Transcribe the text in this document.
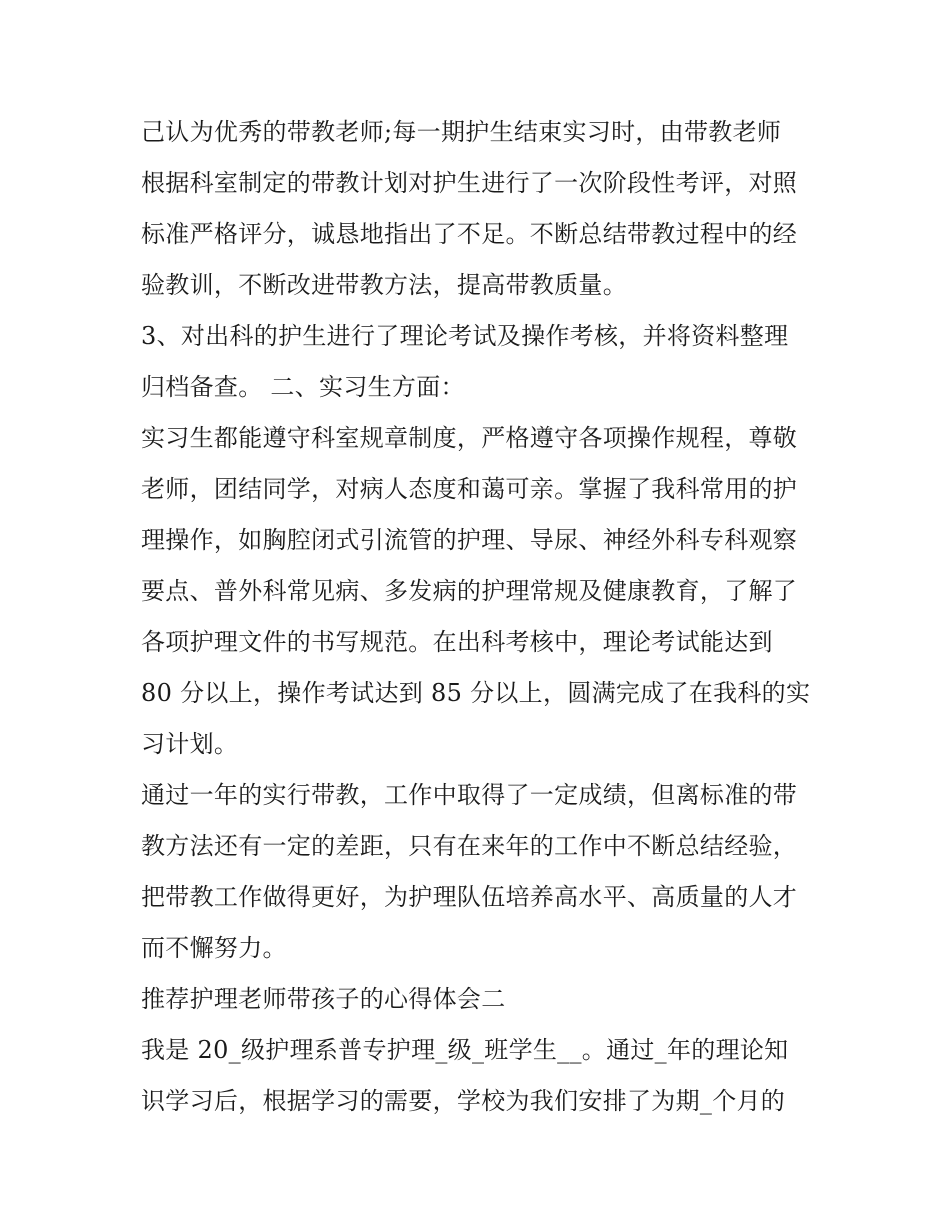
己认为优秀的带教老师;每一期护生结束实习时，由带教老师
根据科室制定的带教计划对护生进行了一次阶段性考评，对照
标准严格评分，诚恳地指出了不足。不断总结带教过程中的经
验教训，不断改进带教方法，提高带教质量。
3、对出科的护生进行了理论考试及操作考核，并将资料整理
归档备查。 二、实习生方面：
实习生都能遵守科室规章制度，严格遵守各项操作规程，尊敬
老师，团结同学，对病人态度和蔼可亲。掌握了我科常用的护
理操作，如胸腔闭式引流管的护理、导尿、神经外科专科观察
要点、普外科常见病、多发病的护理常规及健康教育，了解了
各项护理文件的书写规范。在出科考核中，理论考试能达到
80 分以上，操作考试达到 85 分以上，圆满完成了在我科的实
习计划。
通过一年的实行带教，工作中取得了一定成绩，但离标准的带
教方法还有一定的差距，只有在来年的工作中不断总结经验，
把带教工作做得更好，为护理队伍培养高水平、高质量的人才
而不懈努力。
推荐护理老师带孩子的心得体会二
我是 20_级护理系普专护理_级_班学生__。通过_年的理论知
识学习后，根据学习的需要，学校为我们安排了为期_个月的
